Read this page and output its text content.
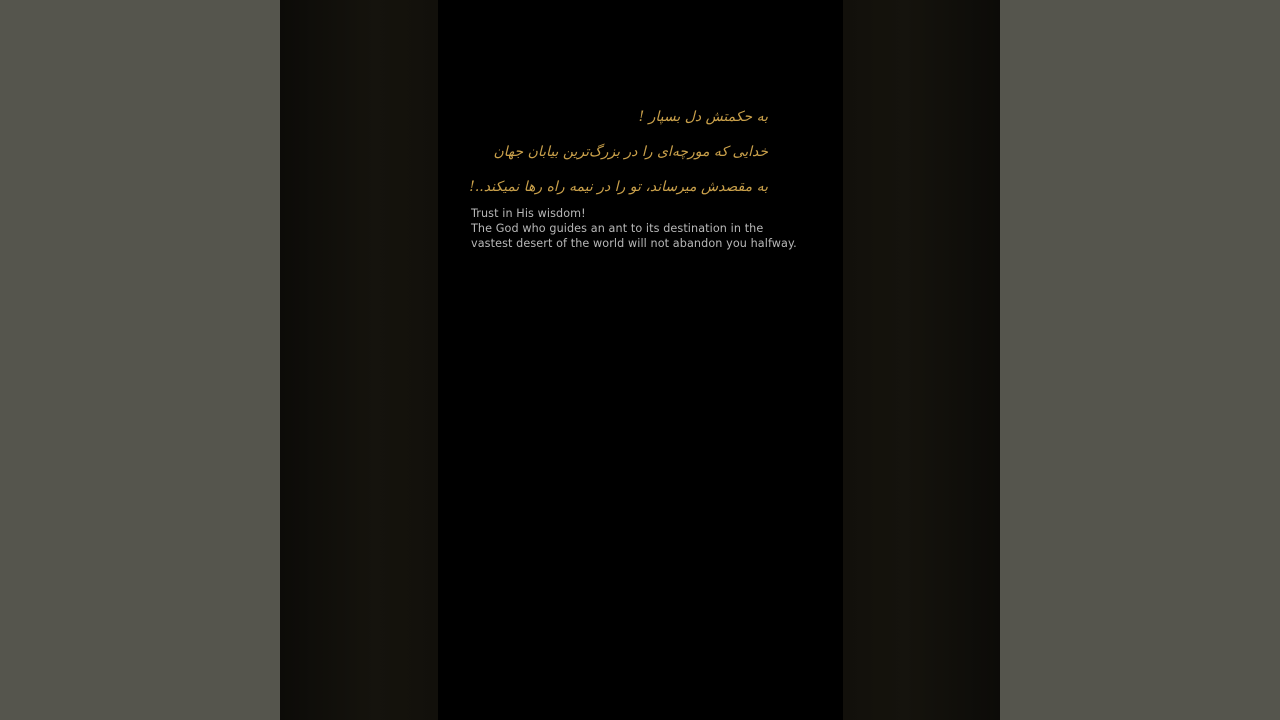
به حکمتش دل بسپار !
خدایی که مورچه‌ای را در بزرگ‌ترین بیابان جهان
به مقصدش میرساند، تو را در نیمه راه رها نمیکند..!
Trust in His wisdom!
The God who guides an ant to its destination in the
vastest desert of the world will not abandon you halfway.
